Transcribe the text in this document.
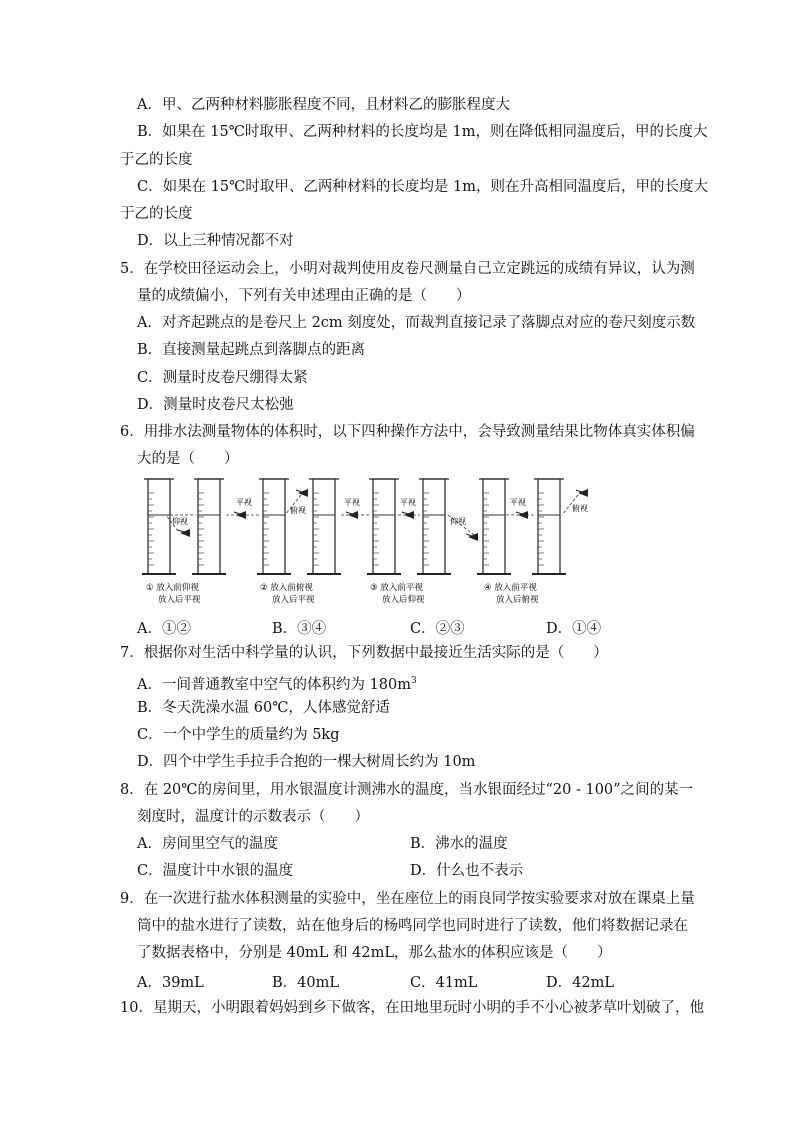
A．甲、乙两种材料膨胀程度不同，且材料乙的膨胀程度大
B．如果在 15℃时取甲、乙两种材料的长度均是 1m，则在降低相同温度后，甲的长度大
于乙的长度
C．如果在 15℃时取甲、乙两种材料的长度均是 1m，则在升高相同温度后，甲的长度大
于乙的长度
D．以上三种情况都不对
5．在学校田径运动会上，小明对裁判使用皮卷尺测量自己立定跳远的成绩有异议，认为测
量的成绩偏小，下列有关申述理由正确的是（　　）
A．对齐起跳点的是卷尺上 2cm 刻度处，而裁判直接记录了落脚点对应的卷尺刻度示数
B．直接测量起跳点到落脚点的距离
C．测量时皮卷尺绷得太紧
D．测量时皮卷尺太松弛
6．用排水法测量物体的体积时，以下四种操作方法中，会导致测量结果比物体真实体积偏
大的是（　　）
仰视
平视
俯视
平视	平视
仰视
平视
俯视
① 放入前仰视
放入后平视
② 放入前俯视
放入后平视
③ 放入前平视
放入后仰视
④ 放入前平视
放入后俯视
A．①②	B．③④	C．②③	D．①④
7．根据你对生活中科学量的认识，下列数据中最接近生活实际的是（　　）
A．一间普通教室中空气的体积约为 $180m^3$
B．冬天洗澡水温 60℃，人体感觉舒适
C．一个中学生的质量约为 5kg
D．四个中学生手拉手合抱的一棵大树周长约为 10m
8．在 20℃的房间里，用水银温度计测沸水的温度，当水银面经过“20 - 100”之间的某一
刻度时，温度计的示数表示（　　）
A．房间里空气的温度	B．沸水的温度
C．温度计中水银的温度	D．什么也不表示
9．在一次进行盐水体积测量的实验中，坐在座位上的雨良同学按实验要求对放在课桌上量
筒中的盐水进行了读数，站在他身后的杨鸣同学也同时进行了读数，他们将数据记录在
了数据表格中，分别是 40mL 和 42mL，那么盐水的体积应该是（　　）
A．39mL	B．40mL	C．41mL	D．42mL
10．星期天，小明跟着妈妈到乡下做客，在田地里玩时小明的手不小心被茅草叶划破了，他
